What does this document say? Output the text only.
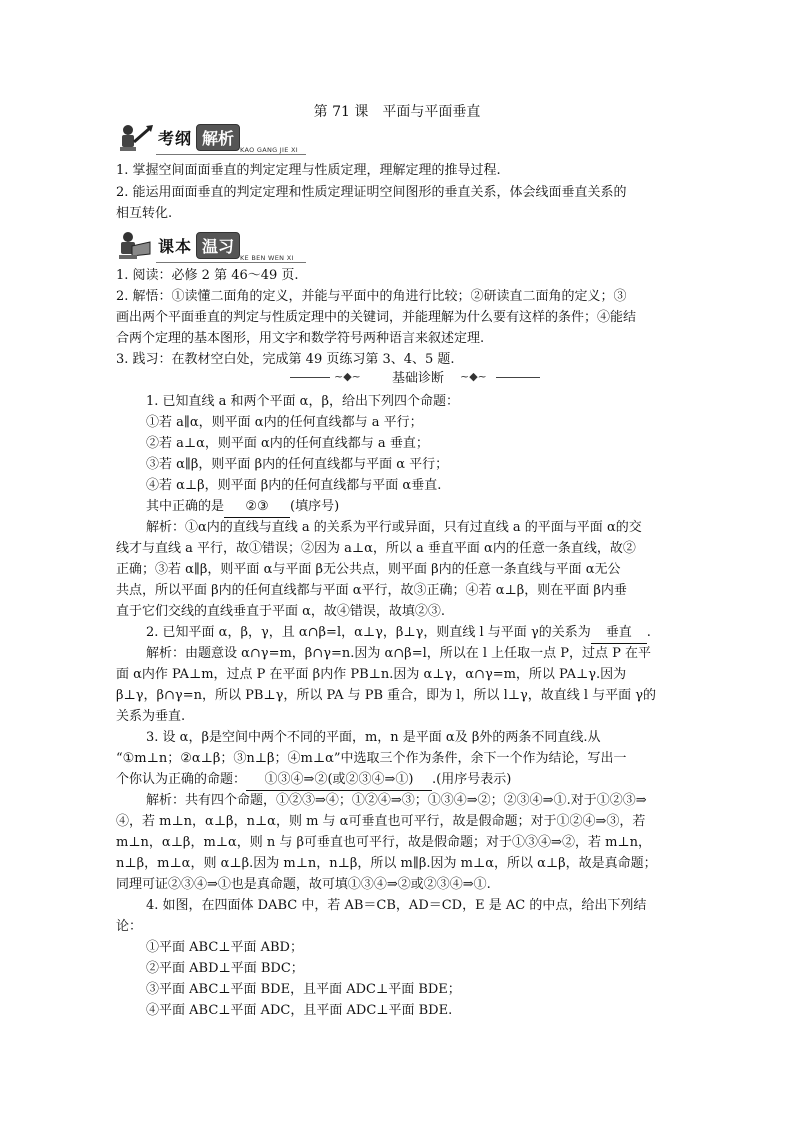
第 71 课　平面与平面垂直
考纲 解析
KAO GANG JIE XI
1. 掌握空间面面垂直的判定定理与性质定理，理解定理的推导过程.
2. 能运用面面垂直的判定定理和性质定理证明空间图形的垂直关系，体会线面垂直关系的
相互转化.
课本 温习
KE BEN WEN XI
1. 阅读：必修 2 第 46～49 页.
2. 解悟：①读懂二面角的定义，并能与平面中的角进行比较；②研读直二面角的定义；③
画出两个平面垂直的判定与性质定理中的关键词，并能理解为什么要有这样的条件；④能结
合两个定理的基本图形，用文字和数学符号两种语言来叙述定理.
3. 践习：在教材空白处，完成第 49 页练习第 3、4、5 题.
~◆~	基础诊断	~◆~
1. 已知直线 a 和两个平面 α，β，给出下列四个命题：
①若 a∥α，则平面 α内的任何直线都与 a 平行；
②若 a⊥α，则平面 α内的任何直线都与 a 垂直；
③若 α∥β，则平面 β内的任何直线都与平面 α 平行；
④若 α⊥β，则平面 β内的任何直线都与平面 α垂直.
其中正确的是 ②③ (填序号)
解析：①α内的直线与直线 a 的关系为平行或异面，只有过直线 a 的平面与平面 α的交
线才与直线 a 平行，故①错误；②因为 a⊥α，所以 a 垂直平面 α内的任意一条直线，故②
正确；③若 α∥β，则平面 α与平面 β无公共点，则平面 β内的任意一条直线与平面 α无公
共点，所以平面 β内的任何直线都与平面 α平行，故③正确；④若 α⊥β，则在平面 β内垂
直于它们交线的直线垂直于平面 α，故④错误，故填②③.
2. 已知平面 α，β，γ，且 α∩β=l，α⊥γ，β⊥γ，则直线 l 与平面 γ的关系为 垂直 .
解析：由题意设 α∩γ=m，β∩γ=n.因为 α∩β=l，所以在 l 上任取一点 P，过点 P 在平
面 α内作 PA⊥m，过点 P 在平面 β内作 PB⊥n.因为 α⊥γ，α∩γ=m，所以 PA⊥γ.因为
β⊥γ，β∩γ=n，所以 PB⊥γ，所以 PA 与 PB 重合，即为 l，所以 l⊥γ，故直线 l 与平面 γ的
关系为垂直.
3. 设 α，β是空间中两个不同的平面，m，n 是平面 α及 β外的两条不同直线.从
“①m⊥n；②α⊥β；③n⊥β；④m⊥α”中选取三个作为条件，余下一个作为结论，写出一
个你认为正确的命题： ①③④⇒②(或②③④⇒①) .(用序号表示)
解析：共有四个命题，①②③⇒④；①②④⇒③；①③④⇒②；②③④⇒①.对于①②③⇒
④，若 m⊥n，α⊥β，n⊥α，则 m 与 α可垂直也可平行，故是假命题；对于①②④⇒③，若
m⊥n，α⊥β，m⊥α，则 n 与 β可垂直也可平行，故是假命题；对于①③④⇒②，若 m⊥n，
n⊥β，m⊥α，则 α⊥β.因为 m⊥n，n⊥β，所以 m∥β.因为 m⊥α，所以 α⊥β，故是真命题；
同理可证②③④⇒①也是真命题，故可填①③④⇒②或②③④⇒①.
4. 如图，在四面体 DABC 中，若 AB＝CB，AD＝CD，E 是 AC 的中点，给出下列结
论：
①平面 ABC⊥平面 ABD；
②平面 ABD⊥平面 BDC；
③平面 ABC⊥平面 BDE，且平面 ADC⊥平面 BDE；
④平面 ABC⊥平面 ADC，且平面 ADC⊥平面 BDE.
